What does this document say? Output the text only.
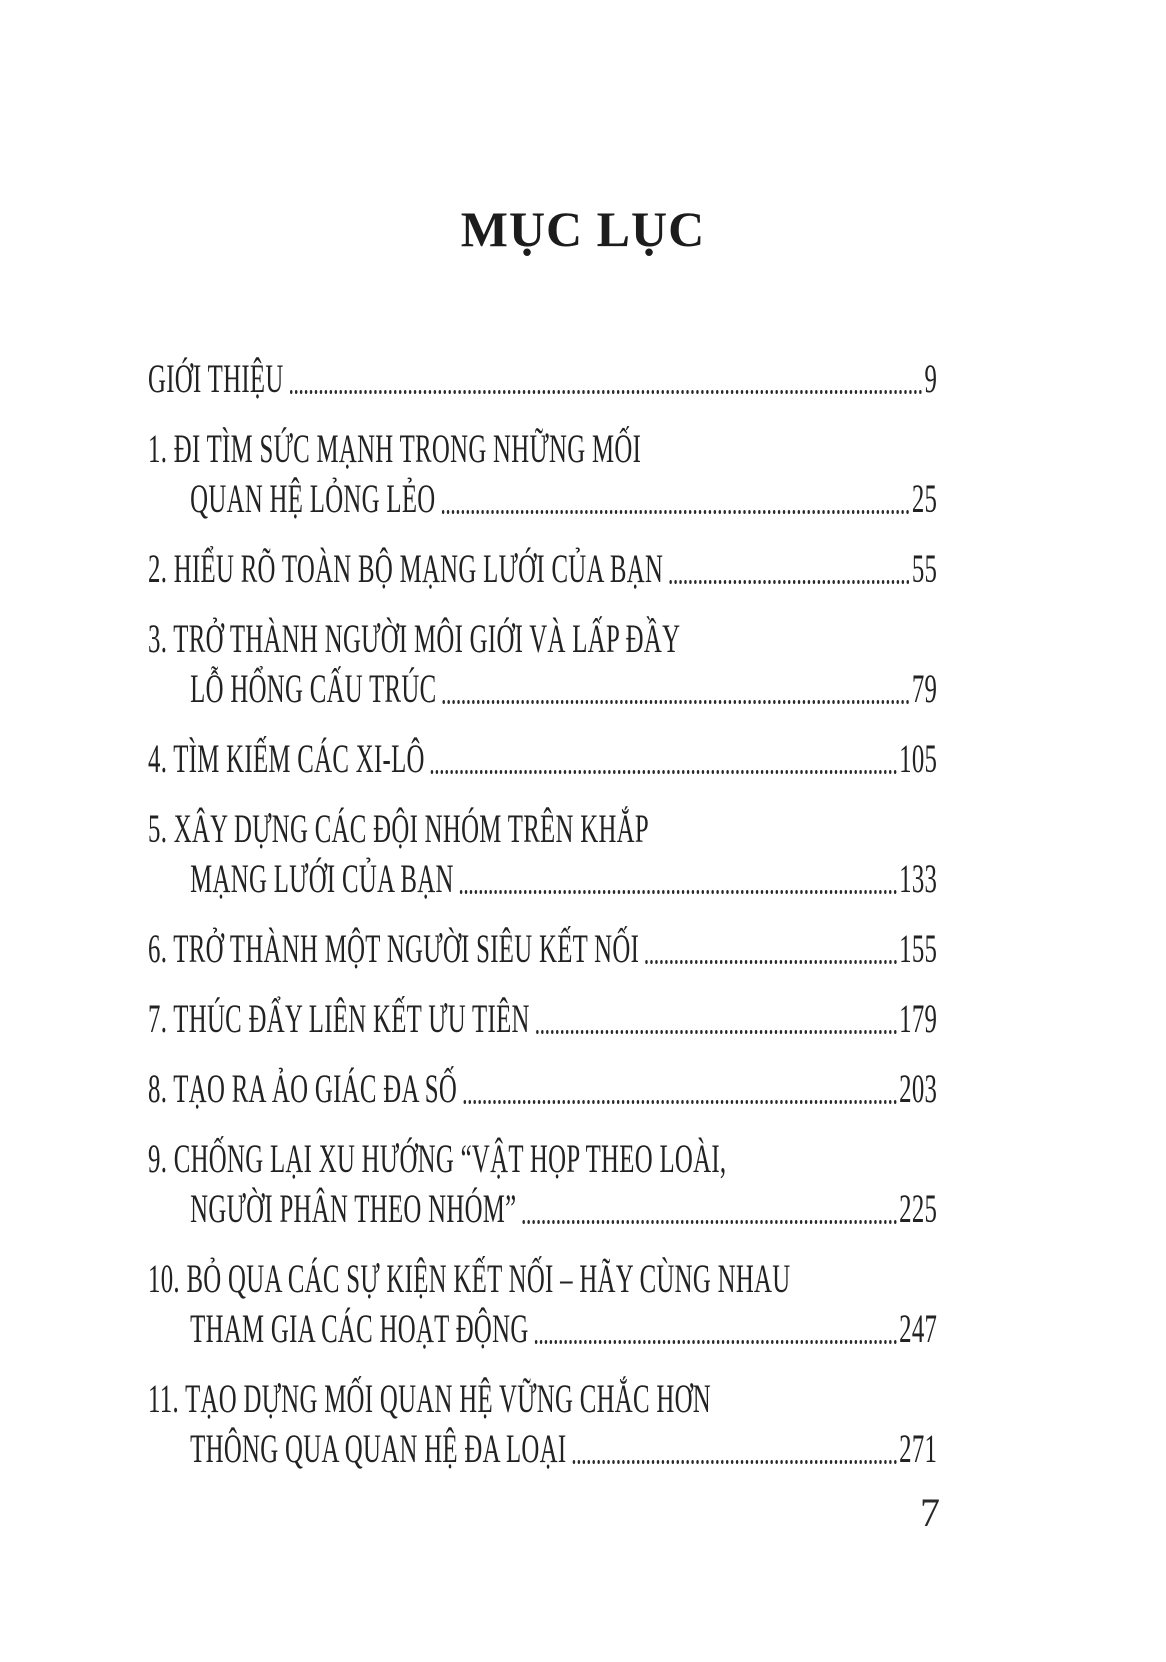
MỤC LỤC
GIỚI THIỆU	9
1. ĐI TÌM SỨC MẠNH TRONG NHỮNG MỐI
QUAN HỆ LỎNG LẺO	25
2. HIỂU RÕ TOÀN BỘ MẠNG LƯỚI CỦA BẠN	55
3. TRỞ THÀNH NGƯỜI MÔI GIỚI VÀ LẤP ĐẦY
LỖ HỔNG CẤU TRÚC	79
4. TÌM KIẾM CÁC XI-LÔ	105
5. XÂY DỰNG CÁC ĐỘI NHÓM TRÊN KHẮP
MẠNG LƯỚI CỦA BẠN	133
6. TRỞ THÀNH MỘT NGƯỜI SIÊU KẾT NỐI	155
7. THÚC ĐẨY LIÊN KẾT ƯU TIÊN	179
8. TẠO RA ẢO GIÁC ĐA SỐ	203
9. CHỐNG LẠI XU HƯỚNG “VẬT HỌP THEO LOÀI,
NGƯỜI PHÂN THEO NHÓM”	225
10. BỎ QUA CÁC SỰ KIỆN KẾT NỐI – HÃY CÙNG NHAU
THAM GIA CÁC HOẠT ĐỘNG	247
11. TẠO DỰNG MỐI QUAN HỆ VỮNG CHẮC HƠN
THÔNG QUA QUAN HỆ ĐA LOẠI	271
7
